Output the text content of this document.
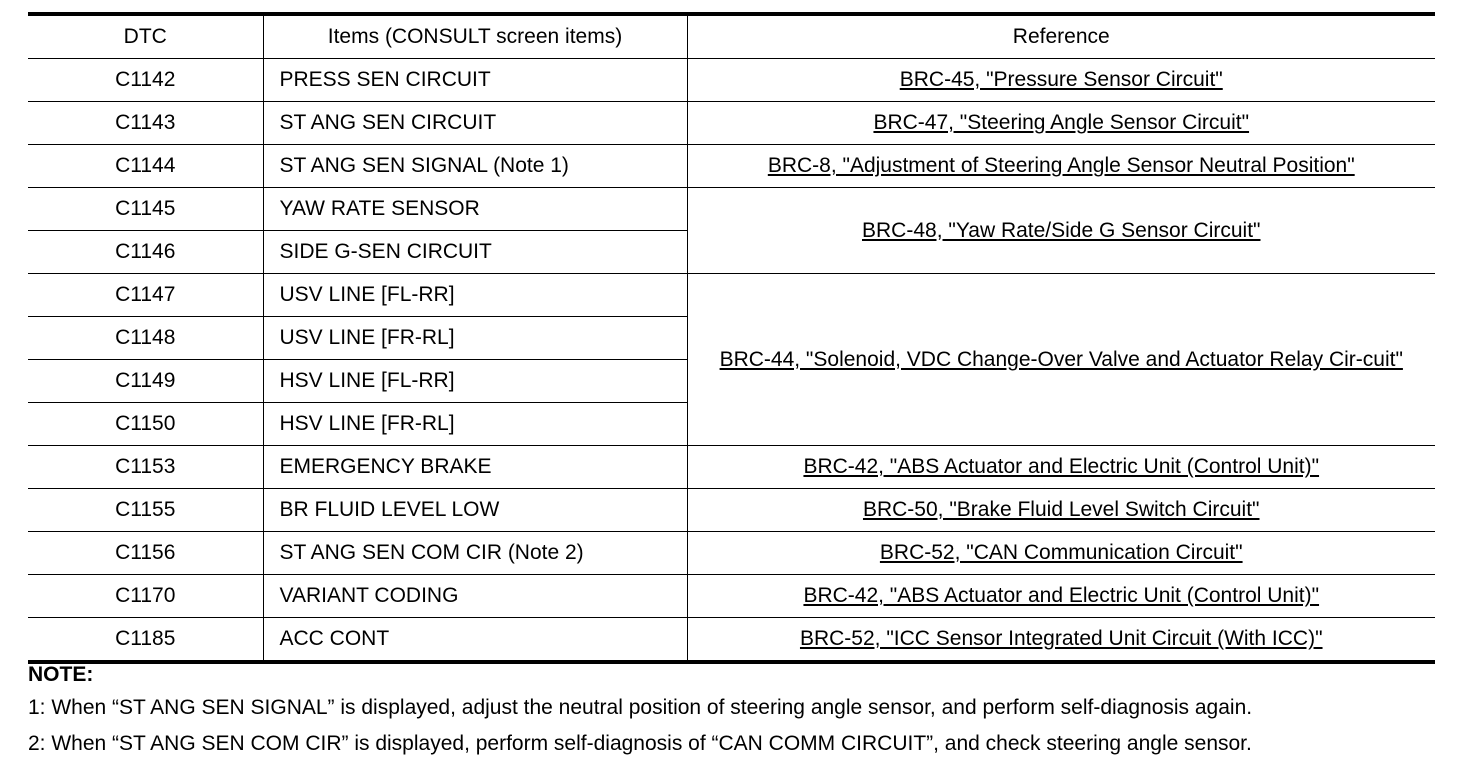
DTC	Items (CONSULT screen items)	Reference
C1142	PRESS SEN CIRCUIT	BRC-45, "Pressure Sensor Circuit"
C1143	ST ANG SEN CIRCUIT	BRC-47, "Steering Angle Sensor Circuit"
C1144	ST ANG SEN SIGNAL (Note 1)	BRC-8, "Adjustment of Steering Angle Sensor Neutral Position"
C1145	YAW RATE SENSOR	BRC-48, "Yaw Rate/Side G Sensor Circuit"
C1146	SIDE G-SEN CIRCUIT	
C1147	USV LINE [FL-RR]	BRC-44, "Solenoid, VDC Change-Over Valve and Actuator Relay Cir-cuit"
C1148	USV LINE [FR-RL]	
C1149	HSV LINE [FL-RR]	
C1150	HSV LINE [FR-RL]	
C1153	EMERGENCY BRAKE	BRC-42, "ABS Actuator and Electric Unit (Control Unit)"
C1155	BR FLUID LEVEL LOW	BRC-50, "Brake Fluid Level Switch Circuit"
C1156	ST ANG SEN COM CIR (Note 2)	BRC-52, "CAN Communication Circuit"
C1170	VARIANT CODING	BRC-42, "ABS Actuator and Electric Unit (Control Unit)"
C1185	ACC CONT	BRC-52, "ICC Sensor Integrated Unit Circuit (With ICC)"
NOTE:
1: When “ST ANG SEN SIGNAL” is displayed, adjust the neutral position of steering angle sensor, and perform self-diagnosis again.
2: When “ST ANG SEN COM CIR” is displayed, perform self-diagnosis of “CAN COMM CIRCUIT”, and check steering angle sensor.
